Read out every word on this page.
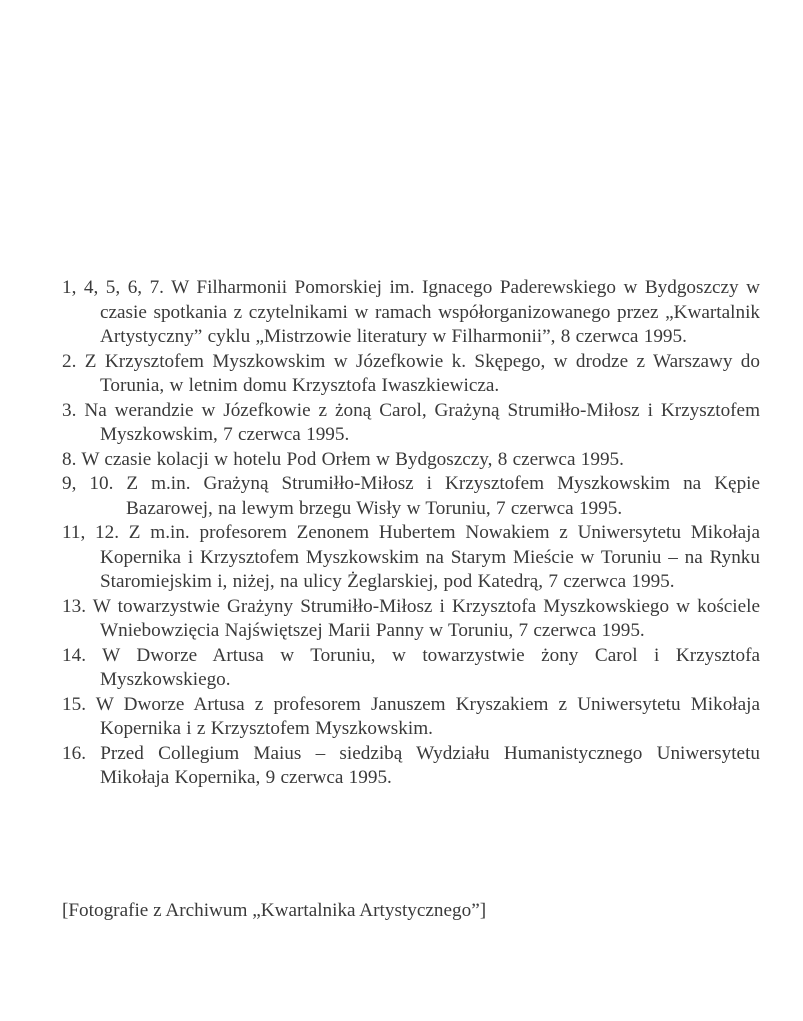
1, 4, 5, 6, 7. W Filharmonii Pomorskiej im. Ignacego Paderewskiego w Bydgoszczy w czasie spotkania z czytelnikami w ramach współorganizowanego przez „Kwartalnik Artystyczny” cyklu „Mistrzowie literatury w Filharmonii”, 8 czerwca 1995.
2. Z Krzysztofem Myszkowskim w Józefkowie k. Skępego, w drodze z Warszawy do Torunia, w letnim domu Krzysztofa Iwaszkiewicza.
3. Na werandzie w Józefkowie z żoną Carol, Grażyną Strumiłło-Miłosz i Krzysztofem Myszkowskim, 7 czerwca 1995.
8. W czasie kolacji w hotelu Pod Orłem w Bydgoszczy, 8 czerwca 1995.
9, 10. Z m.in. Grażyną Strumiłło-Miłosz i Krzysztofem Myszkowskim na Kępie Bazarowej, na lewym brzegu Wisły w Toruniu, 7 czerwca 1995.
11, 12. Z m.in. profesorem Zenonem Hubertem Nowakiem z Uniwersytetu Mikołaja Kopernika i Krzysztofem Myszkowskim na Starym Mieście w Toruniu – na Rynku Staromiejskim i, niżej, na ulicy Żeglarskiej, pod Katedrą, 7 czerwca 1995.
13. W towarzystwie Grażyny Strumiłło-Miłosz i Krzysztofa Myszkowskiego w kościele Wniebowzięcia Najświętszej Marii Panny w Toruniu, 7 czerwca 1995.
14. W Dworze Artusa w Toruniu, w towarzystwie żony Carol i Krzysztofa Myszkowskiego.
15. W Dworze Artusa z profesorem Januszem Kryszakiem z Uniwersytetu Mikołaja Kopernika i z Krzysztofem Myszkowskim.
16. Przed Collegium Maius – siedzibą Wydziału Humanistycznego Uniwersytetu Mikołaja Kopernika, 9 czerwca 1995.

[Fotografie z Archiwum „Kwartalnika Artystycznego”]
